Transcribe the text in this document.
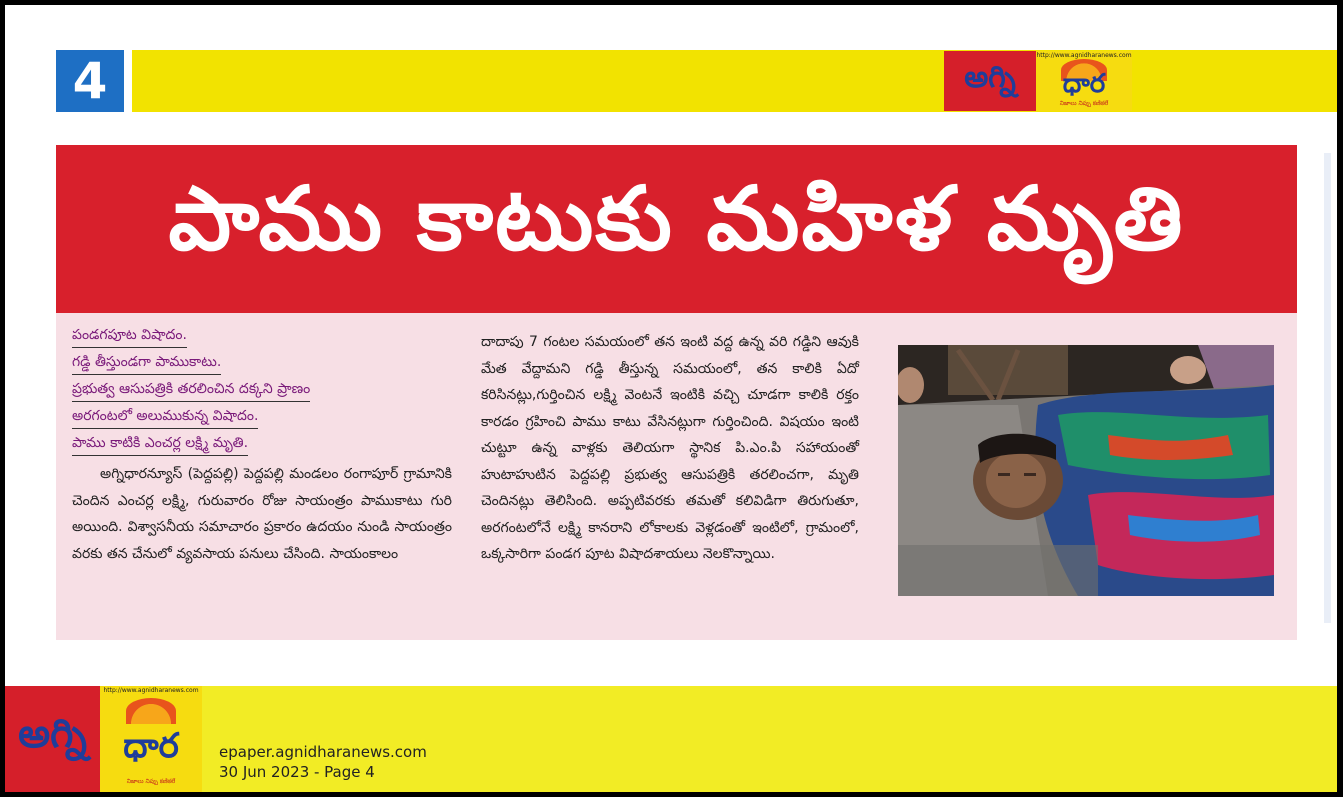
4	అగ్ని
http://www.agnidharanews.com
ధార
నిజాలు నిప్పు కణికలే
పాము కాటుకు మహిళ మృతి
పండగపూట విషాదం.
గడ్డి తీస్తుండగా పాముకాటు.
ప్రభుత్వ ఆసుపత్రికి తరలించిన దక్కని ప్రాణం
అరగంటలో అలుముకున్న విషాదం.
పాము కాటికి ఎంచర్ల లక్ష్మి మృతి.
అగ్నిధారన్యూస్ (పెద్దపల్లి) పెద్దపల్లి మండలం రంగాపూర్ గ్రామానికి చెందిన ఎంచర్ల లక్ష్మి, గురువారం రోజు సాయంత్రం పాముకాటు గురి అయింది. విశ్వాసనీయ సమాచారం ప్రకారం ఉదయం నుండి సాయంత్రం వరకు తన చేనులో వ్యవసాయ పనులు చేసింది. సాయంకాలం
దాదాపు 7 గంటల సమయంలో తన ఇంటి వద్ద ఉన్న వరి గడ్డిని ఆవుకి మేత వేద్దామని గడ్డి తీస్తున్న సమయంలో, తన కాలికి ఏదో కరిసినట్లు,గుర్తించిన లక్ష్మి వెంటనే ఇంటికి వచ్చి చూడగా కాలికి రక్తం కారడం గ్రహించి పాము కాటు వేసినట్లుగా గుర్తించింది. విషయం ఇంటి చుట్టూ ఉన్న వాళ్లకు తెలియగా స్థానిక పి.ఎం.పి సహాయంతో హుటాహుటిన పెద్దపల్లి ప్రభుత్వ ఆసుపత్రికి తరలించగా, మృతి చెందినట్లు తెలిసింది. అప్పటివరకు తమతో కలివిడిగా తిరుగుతూ, అరగంటలోనే లక్ష్మి కానరాని లోకాలకు వెళ్లడంతో ఇంటిలో, గ్రామంలో, ఒక్కసారిగా పండగ పూట విషాదశాయలు నెలకొన్నాయి.
అగ్ని
http://www.agnidharanews.com
ధార
నిజాలు నిప్పు కణికలే
epaper.agnidharanews.com
30 Jun 2023 - Page 4
